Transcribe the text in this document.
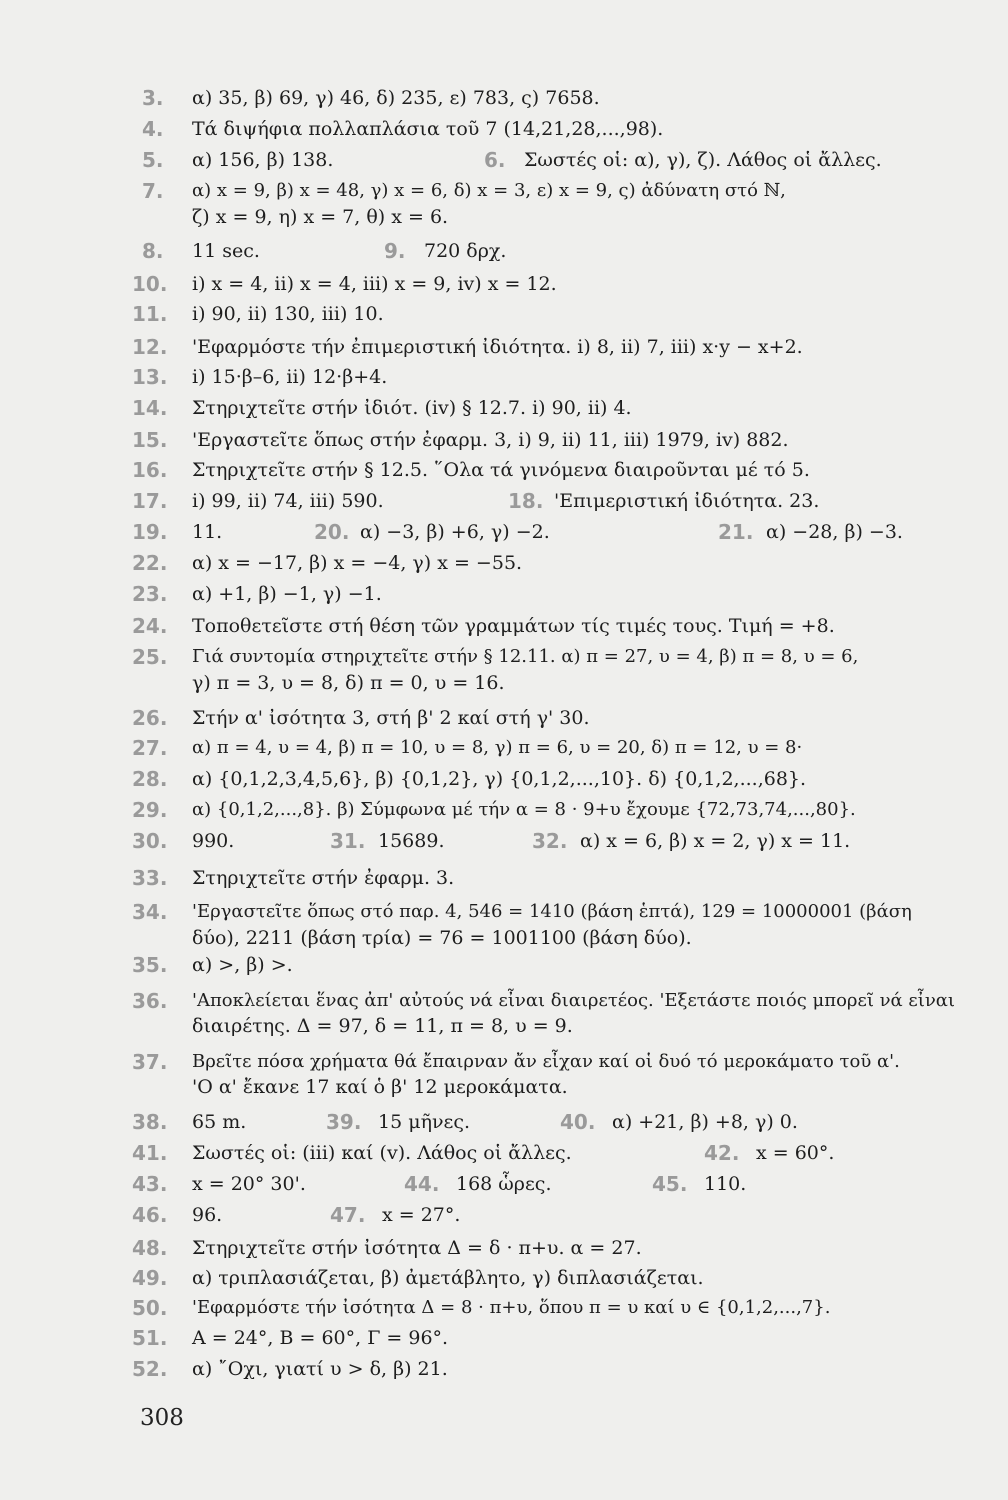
3. α) 35, β) 69, γ) 46, δ) 235, ε) 783, ς) 7658.
4. Τά διψήφια πολλαπλάσια τοῦ 7 (14,21,28,...,98).
5. α) 156, β) 138.	6. Σωστές οἱ: α), γ), ζ). Λάθος οἱ ἄλλες.
7. α) x = 9, β) x = 48, γ) x = 6, δ) x = 3, ε) x = 9, ς) ἀδύνατη στό ℕ,
ζ) x = 9, η) x = 7, θ) x = 6.
8. 11 sec.	9. 720 δρχ.
10. i) x = 4, ii) x = 4, iii) x = 9, iv) x = 12.
11. i) 90, ii) 130, iii) 10.
12. 'Εφαρμόστε τήν ἐπιμεριστική ἰδιότητα. i) 8, ii) 7, iii) x·y − x+2.
13. i) 15·β–6, ii) 12·β+4.
14. Στηριχτεῖτε στήν ἰδιότ. (iv) § 12.7. i) 90, ii) 4.
15. 'Εργαστεῖτε ὅπως στήν ἐφαρμ. 3, i) 9, ii) 11, iii) 1979, iv) 882.
16. Στηριχτεῖτε στήν § 12.5. ῞Ολα τά γινόμενα διαιροῦνται μέ τό 5.
17. i) 99, ii) 74, iii) 590.	18. 'Επιμεριστική ἰδιότητα. 23.
19. 11.	20. α) −3, β) +6, γ) −2.	21. α) −28, β) −3.
22. α) x = −17, β) x = −4, γ) x = −55.
23. α) +1, β) −1, γ) −1.
24. Τοποθετεῖστε στή θέση τῶν γραμμάτων τίς τιμές τους. Τιμή = +8.
25. Γιά συντομία στηριχτεῖτε στήν § 12.11. α) π = 27, υ = 4, β) π = 8, υ = 6,
γ) π = 3, υ = 8, δ) π = 0, υ = 16.
26. Στήν α' ἰσότητα 3, στή β' 2 καί στή γ' 30.
27. α) π = 4, υ = 4, β) π = 10, υ = 8, γ) π = 6, υ = 20, δ) π = 12, υ = 8·
28. α) {0,1,2,3,4,5,6}, β) {0,1,2}, γ) {0,1,2,...,10}. δ) {0,1,2,...,68}.
29. α) {0,1,2,...,8}. β) Σύμφωνα μέ τήν α = 8 · 9+υ ἔχουμε {72,73,74,...,80}.
30. 990.	31. 15689.	32. α) x = 6, β) x = 2, γ) x = 11.
33. Στηριχτεῖτε στήν ἐφαρμ. 3.
34. 'Εργαστεῖτε ὅπως στό παρ. 4, 546 = 1410 (βάση ἑπτά), 129 = 10000001 (βάση
δύο), 2211 (βάση τρία) = 76 = 1001100 (βάση δύο).
35. α) >, β) >.
36. 'Αποκλείεται ἕνας ἀπ' αὐτούς νά εἶναι διαιρετέος. 'Εξετάστε ποιός μπορεῖ νά εἶναι
διαιρέτης. Δ = 97, δ = 11, π = 8, υ = 9.
37. Βρεῖτε πόσα χρήματα θά ἔπαιρναν ἄν εἶχαν καί οἱ δυό τό μεροκάματο τοῦ α'.
'Ο α' ἔκανε 17 καί ὁ β' 12 μεροκάματα.
38. 65 m.	39. 15 μῆνες.	40. α) +21, β) +8, γ) 0.
41. Σωστές οἱ: (iii) καί (v). Λάθος οἱ ἄλλες.	42. x = 60°.
43. x = 20° 30'.	44. 168 ὧρες.	45. 110.
46. 96.	47. x = 27°.
48. Στηριχτεῖτε στήν ἰσότητα Δ = δ · π+υ. α = 27.
49. α) τριπλασιάζεται, β) ἀμετάβλητο, γ) διπλασιάζεται.
50. 'Εφαρμόστε τήν ἰσότητα Δ = 8 · π+υ, ὅπου π = υ καί υ ∈ {0,1,2,...,7}.
51. Α = 24°, Β = 60°, Γ = 96°.
52. α) ῎Οχι, γιατί υ > δ, β) 21.
308
